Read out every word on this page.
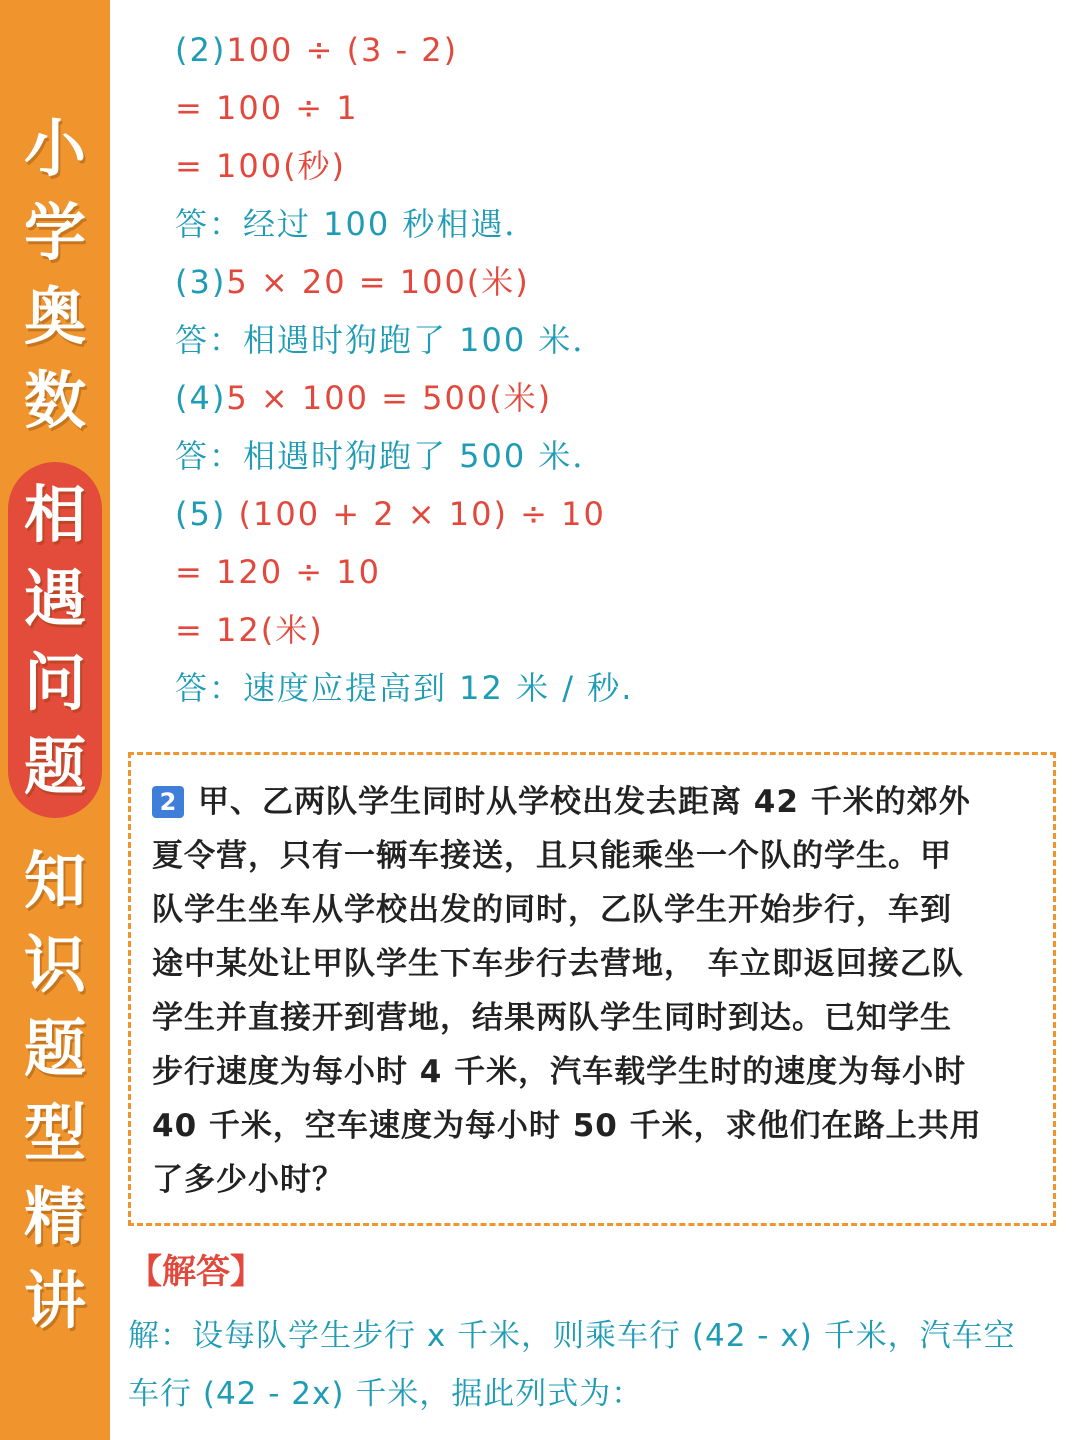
小
学
奥
数
相
遇
问
题
知
识
题
型
精
讲
(2)100 ÷ (3 - 2)
= 100 ÷ 1
= 100(秒)
答：经过 100 秒相遇．
(3)5 × 20 = 100(米)
答：相遇时狗跑了 100 米．
(4)5 × 100 = 500(米)
答：相遇时狗跑了 500 米．
(5) (100 + 2 × 10) ÷ 10
= 120 ÷ 10
= 12(米)
答：速度应提高到 12 米 / 秒.
2 甲、乙两队学生同时从学校出发去距离 42 千米的郊外
夏令营，只有一辆车接送，且只能乘坐一个队的学生。甲
队学生坐车从学校出发的同时，乙队学生开始步行，车到
途中某处让甲队学生下车步行去营地， 车立即返回接乙队
学生并直接开到营地，结果两队学生同时到达。已知学生
步行速度为每小时 4 千米，汽车载学生时的速度为每小时
40 千米，空车速度为每小时 50 千米，求他们在路上共用
了多少小时？
【解答】
解：设每队学生步行 x 千米，则乘车行 (42 - x) 千米，汽车空
车行 (42 - 2x) 千米，据此列式为：
